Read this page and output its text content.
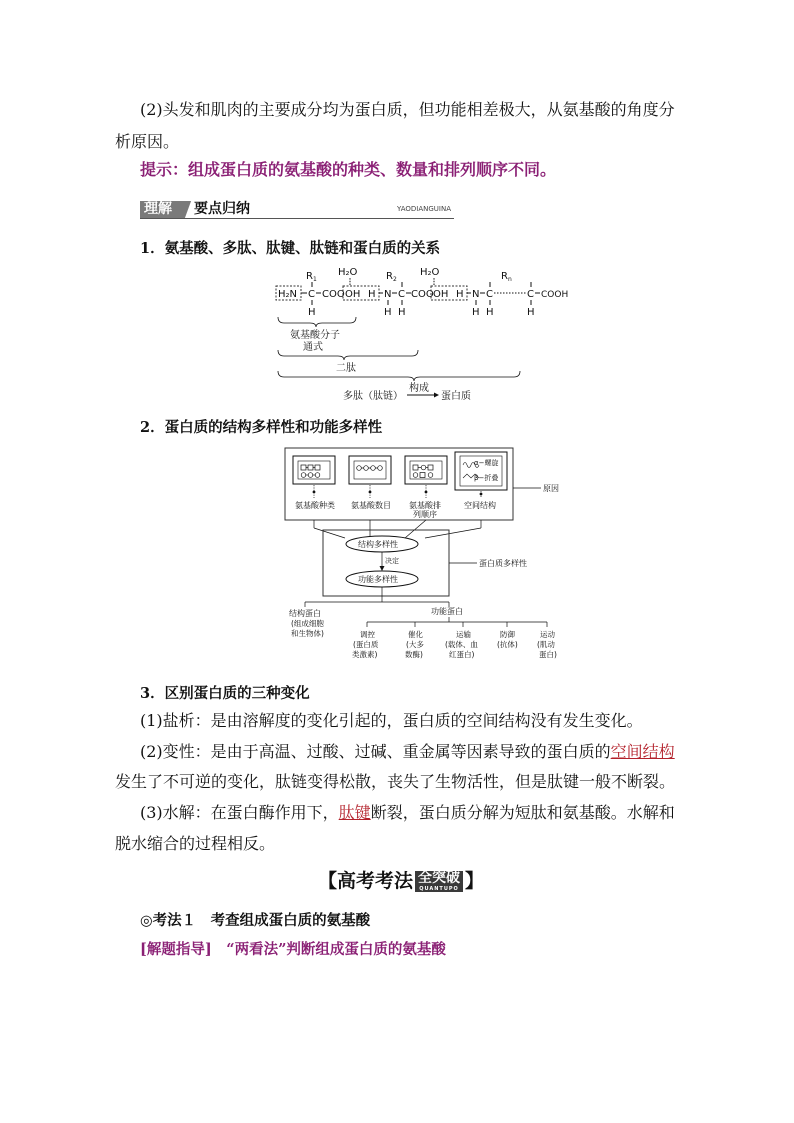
(2)头发和肌肉的主要成分均为蛋白质，但功能相差极大，从氨基酸的角度分
析原因。
提示：组成蛋白质的氨基酸的种类、数量和排列顺序不同。
理解 要点归纳	YAODIANGUINA
1．氨基酸、多肽、肽键、肽链和蛋白质的关系
$R_1$	$R_2$	$R_n$
H₂O	H₂O
H₂N C COO OH H N C COO OH H N C	C COOH
H	H H	H H	H
氨基酸分子
通式
二肽
多肽（肽链）
构成
蛋白质
2．蛋白质的结构多样性和功能多样性
α−螺旋
β−折叠
氨基酸种类 氨基酸数目 氨基酸排
列顺序
空间结构
原因
结构多样性
决定
功能多样性
蛋白质多样性
结构蛋白
(组成细胞
和生物体)
功能蛋白
调控
(蛋白质
类激素)
催化
(大多
数酶)
运输
(载体、血
红蛋白)
防御
(抗体)
运动
(肌动
蛋白)
3．区别蛋白质的三种变化
(1)盐析：是由溶解度的变化引起的，蛋白质的空间结构没有发生变化。
(2)变性：是由于高温、过酸、过碱、重金属等因素导致的蛋白质的空间结构
发生了不可逆的变化，肽链变得松散，丧失了生物活性，但是肽键一般不断裂。
(3)水解：在蛋白酶作用下，肽键断裂，蛋白质分解为短肽和氨基酸。水解和
脱水缩合的过程相反。
【高考考法 全突破
QUANTUPO 】
◎考法１　考查组成蛋白质的氨基酸
[解题指导]　 “两看法”判断组成蛋白质的氨基酸
